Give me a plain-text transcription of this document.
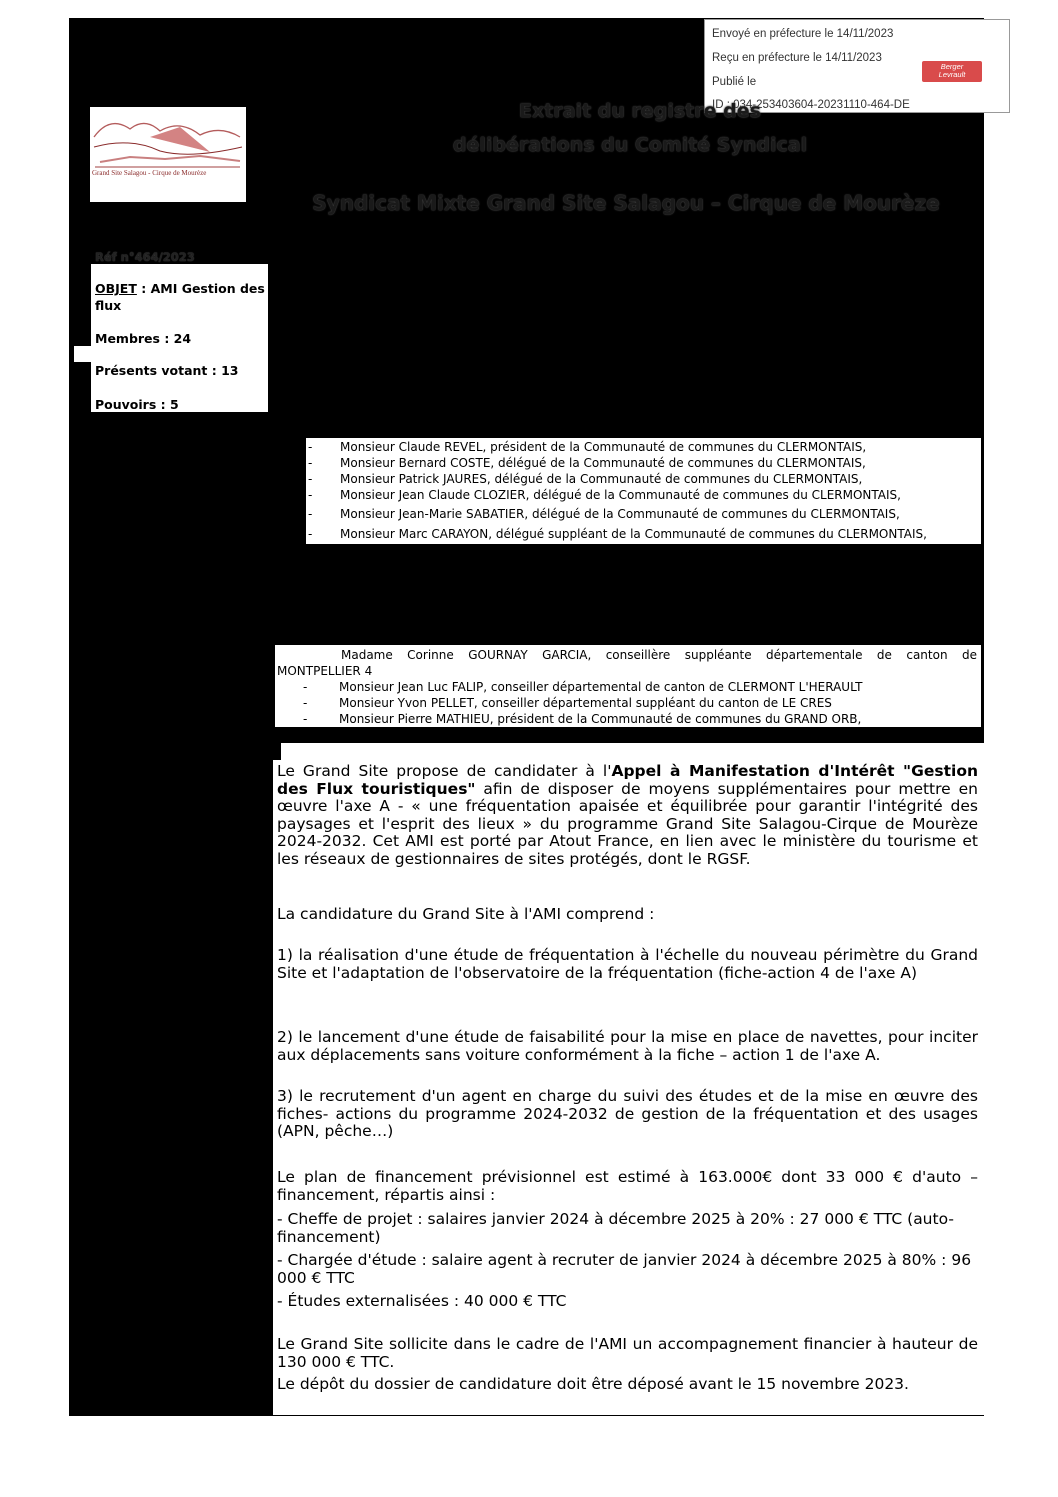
Envoyé en préfecture le 14/11/2023
Reçu en préfecture le 14/11/2023
Publié le
ID : 034-253403604-20231110-464-DE
Berger
Levrault
Grand Site Salagou - Cirque de Mourèze
Extrait du registre des
délibérations du Comité Syndical
Syndicat Mixte Grand Site Salagou – Cirque de Mourèze
Réf n°464/2023
OBJET : AMI Gestion des
flux
Membres : 24
Présents votant : 13
Pouvoirs : 5
- Monsieur Claude REVEL, président de la Communauté de communes du CLERMONTAIS,
- Monsieur Bernard COSTE, délégué de la Communauté de communes du CLERMONTAIS,
- Monsieur Patrick JAURES, délégué de la Communauté de communes du CLERMONTAIS,
- Monsieur Jean Claude CLOZIER, délégué de la Communauté de communes du CLERMONTAIS,
- Monsieur Jean-Marie SABATIER, délégué de la Communauté de communes du CLERMONTAIS,
- Monsieur Marc CARAYON, délégué suppléant de la Communauté de communes du CLERMONTAIS,
Madame Corinne GOURNAY GARCIA, conseillère suppléante départementale de canton de
MONTPELLIER 4
-	Monsieur Jean Luc FALIP, conseiller départemental de canton de CLERMONT L'HERAULT
-	Monsieur Yvon PELLET, conseiller départemental suppléant du canton de LE CRES
-	Monsieur Pierre MATHIEU, président de la Communauté de communes du GRAND ORB,
Le Grand Site propose de candidater à l'Appel à Manifestation d'Intérêt "Gestion des Flux touristiques" afin de disposer de moyens supplémentaires pour mettre en œuvre l'axe A - « une fréquentation apaisée et équilibrée pour garantir l'intégrité des paysages et l'esprit des lieux » du programme Grand Site Salagou-Cirque de Mourèze 2024-2032. Cet AMI est porté par Atout France, en lien avec le ministère du tourisme et les réseaux de gestionnaires de sites protégés, dont le RGSF.
La candidature du Grand Site à l'AMI comprend :
1) la réalisation d'une étude de fréquentation à l'échelle du nouveau périmètre du Grand Site et l'adaptation de l'observatoire de la fréquentation (fiche-action 4 de l'axe A)
2) le lancement d'une étude de faisabilité pour la mise en place de navettes, pour inciter aux déplacements sans voiture conformément à la fiche – action 1 de l'axe A.
3) le recrutement d'un agent en charge du suivi des études et de la mise en œuvre des fiches- actions du programme 2024-2032 de gestion de la fréquentation et des usages (APN, pêche…)
Le plan de financement prévisionnel est estimé à 163.000€ dont 33 000 € d'auto – financement, répartis ainsi :
- Cheffe de projet : salaires janvier 2024 à décembre 2025 à 20% : 27 000 € TTC (auto-financement)
- Chargée d'étude : salaire agent à recruter de janvier 2024 à décembre 2025 à 80% : 96 000 € TTC
- Études externalisées : 40 000 € TTC
Le Grand Site sollicite dans le cadre de l'AMI un accompagnement financier à hauteur de 130 000 € TTC.
Le dépôt du dossier de candidature doit être déposé avant le 15 novembre 2023.
